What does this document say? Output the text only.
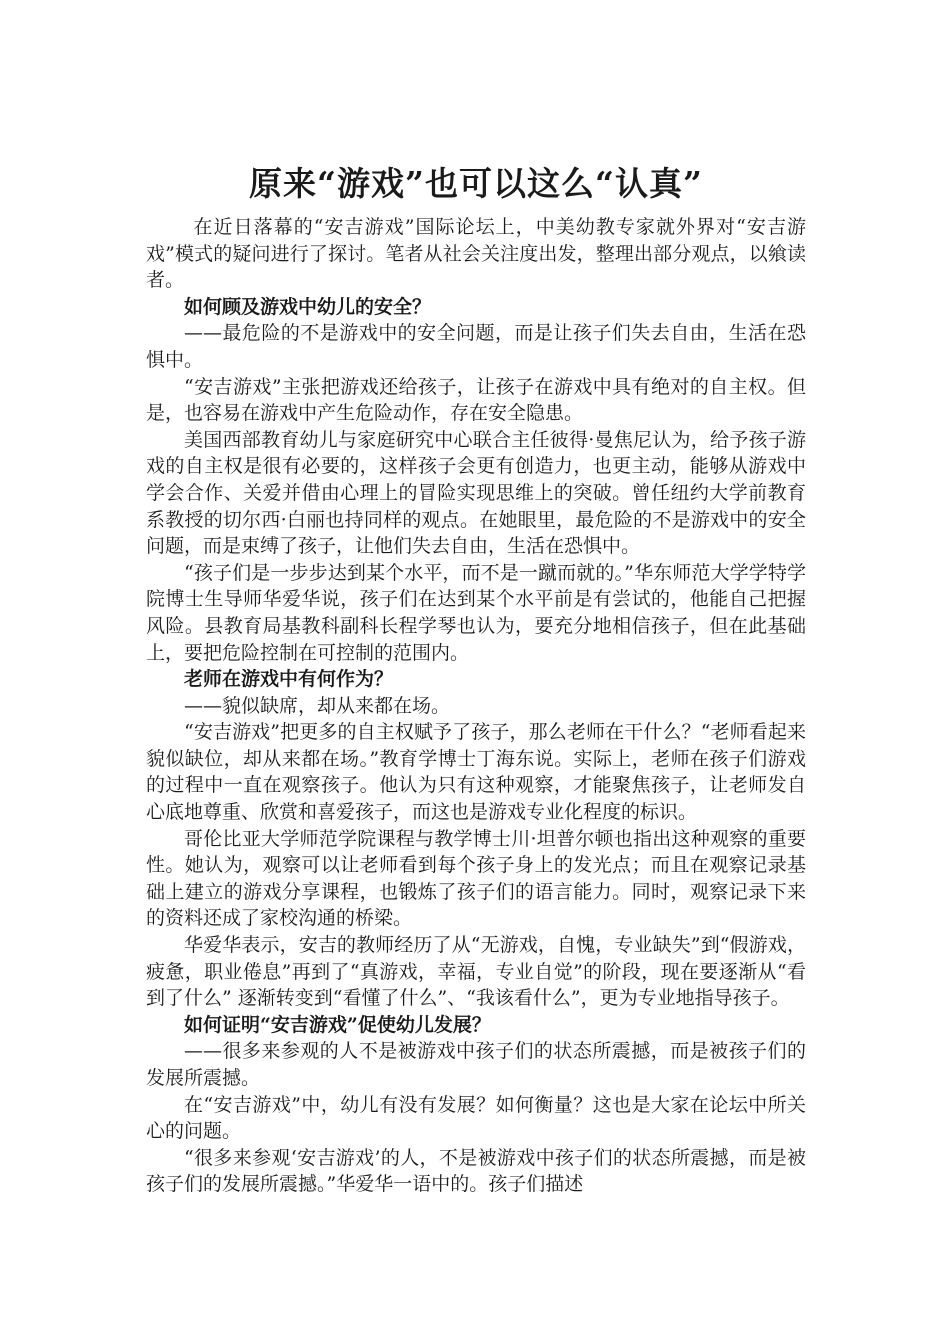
原来“游戏”也可以这么“认真”

在近日落幕的“安吉游戏”国际论坛上，中美幼教专家就外界对“安吉游戏”模式的疑问进行了探讨。笔者从社会关注度出发，整理出部分观点，以飨读者。

如何顾及游戏中幼儿的安全？

——最危险的不是游戏中的安全问题，而是让孩子们失去自由，生活在恐惧中。

“安吉游戏”主张把游戏还给孩子，让孩子在游戏中具有绝对的自主权。但是，也容易在游戏中产生危险动作，存在安全隐患。

美国西部教育幼儿与家庭研究中心联合主任彼得·曼焦尼认为，给予孩子游戏的自主权是很有必要的，这样孩子会更有创造力，也更主动，能够从游戏中学会合作、关爱并借由心理上的冒险实现思维上的突破。曾任纽约大学前教育系教授的切尔西·白丽也持同样的观点。在她眼里，最危险的不是游戏中的安全问题，而是束缚了孩子，让他们失去自由，生活在恐惧中。

“孩子们是一步步达到某个水平，而不是一蹴而就的。”华东师范大学学特学院博士生导师华爱华说，孩子们在达到某个水平前是有尝试的，他能自己把握风险。县教育局基教科副科长程学琴也认为，要充分地相信孩子，但在此基础上，要把危险控制在可控制的范围内。

老师在游戏中有何作为？

——貌似缺席，却从来都在场。

“安吉游戏”把更多的自主权赋予了孩子，那么老师在干什么？“老师看起来貌似缺位，却从来都在场。”教育学博士丁海东说。实际上，老师在孩子们游戏的过程中一直在观察孩子。他认为只有这种观察，才能聚焦孩子，让老师发自心底地尊重、欣赏和喜爱孩子，而这也是游戏专业化程度的标识。

哥伦比亚大学师范学院课程与教学博士川·坦普尔顿也指出这种观察的重要性。她认为，观察可以让老师看到每个孩子身上的发光点；而且在观察记录基础上建立的游戏分享课程，也锻炼了孩子们的语言能力。同时，观察记录下来的资料还成了家校沟通的桥梁。

华爱华表示，安吉的教师经历了从“无游戏，自愧，专业缺失”到“假游戏，疲惫，职业倦息”再到了“真游戏，幸福，专业自觉”的阶段，现在要逐渐从“看到了什么” 逐渐转变到“看懂了什么”、“我该看什么”，更为专业地指导孩子。

如何证明“安吉游戏”促使幼儿发展？

——很多来参观的人不是被游戏中孩子们的状态所震撼，而是被孩子们的发展所震撼。

在“安吉游戏”中，幼儿有没有发展？如何衡量？这也是大家在论坛中所关心的问题。

“很多来参观‘安吉游戏’的人，不是被游戏中孩子们的状态所震撼，而是被孩子们的发展所震撼。”华爱华一语中的。孩子们描述
